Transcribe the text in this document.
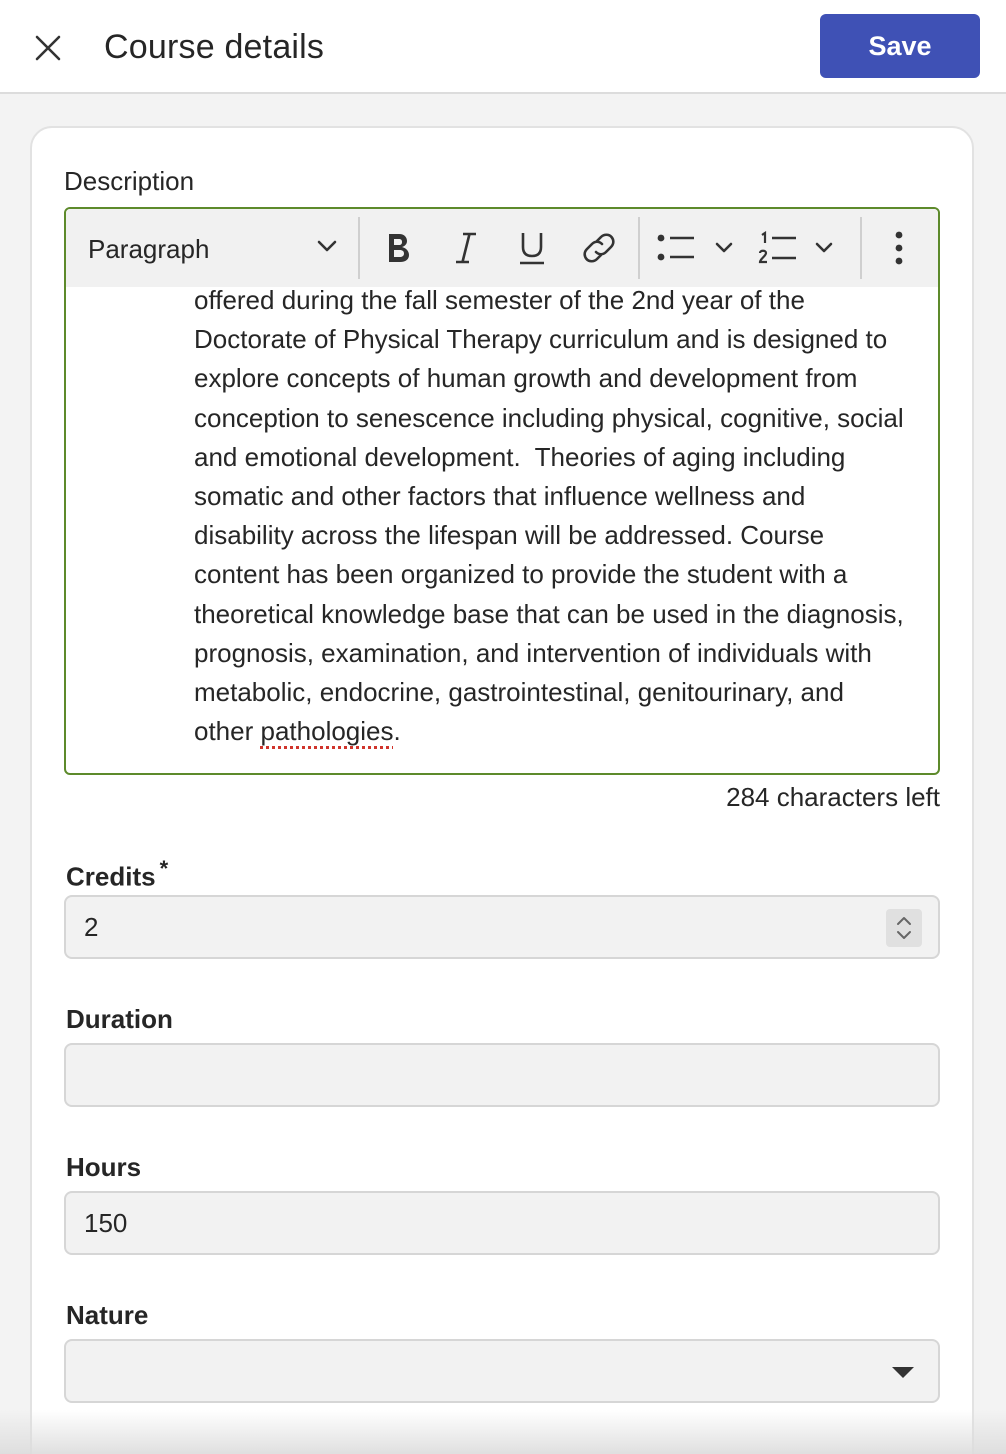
Course details	Save
Description
Paragraph
offered during the fall semester of the 2nd year of the
Doctorate of Physical Therapy curriculum and is designed to
explore concepts of human growth and development from
conception to senescence including physical, cognitive, social
and emotional development.  Theories of aging including
somatic and other factors that influence wellness and
disability across the lifespan will be addressed. Course
content has been organized to provide the student with a
theoretical knowledge base that can be used in the diagnosis,
prognosis, examination, and intervention of individuals with
metabolic, endocrine, gastrointestinal, genitourinary, and
other pathologies.
284 characters left
Credits *
2
Duration
Hours
150
Nature
